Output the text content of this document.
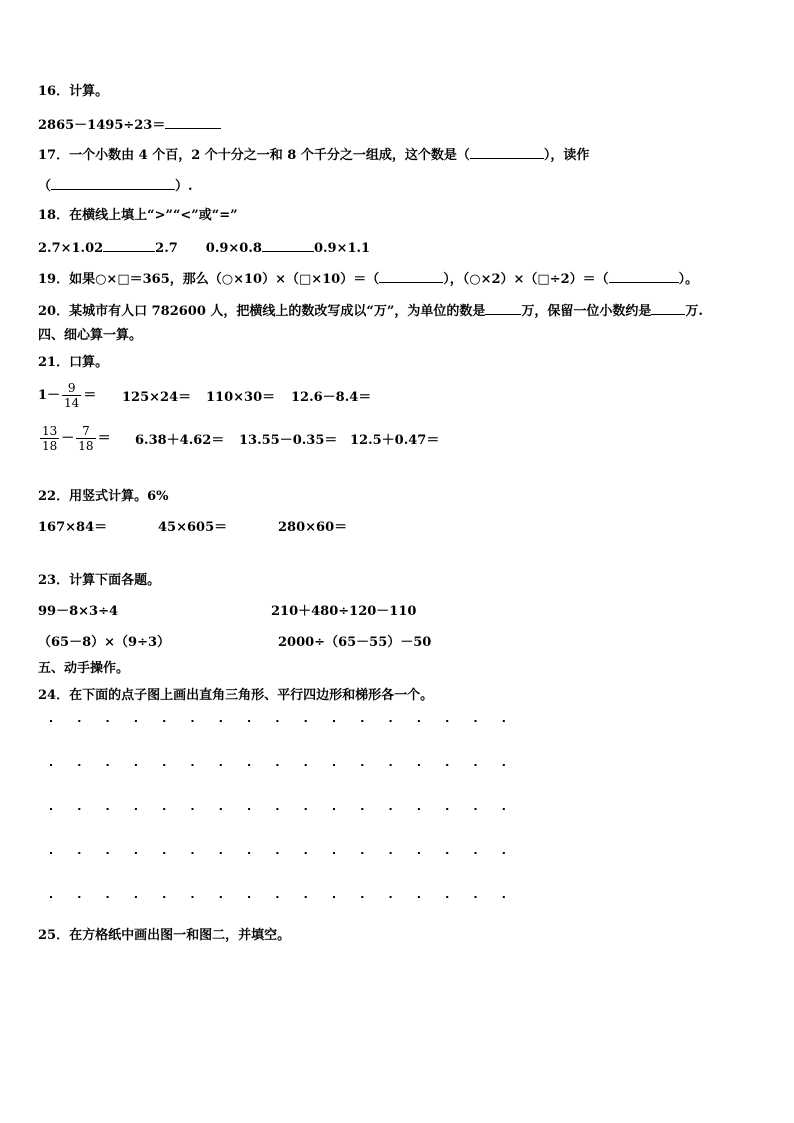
16．计算。
2865－1495÷23＝
17．一个小数由 4 个百，2 个十分之一和 8 个千分之一组成，这个数是（	），读作
（	）.
18．在横线上填上“>”“<”或“=”
2.7×1.02	2.7 0.9×0.8	0.9×1.1
19．如果○×□＝365，那么（○×10）×（□×10）＝（	），（○×2）×（□÷2）＝（	）。
20．某城市有人口 782600 人，把横线上的数改写成以“万”，为单位的数是	万，保留一位小数约是	万.
四、细心算一算。
21．口算。
$1- \frac{9}{14} = 125\times 24= 110\times 30= 12.6-8.4=$
$\frac{13}{18} - \frac{7}{18} = 6.38+4.62= 13.55-0.35= 12.5+0.47=$
22．用竖式计算。6%
167×84＝	45×605＝	280×60＝
23．计算下面各题。
99－8×3÷4	210＋480÷120－110
（65－8）×（9÷3）	2000÷（65－55）－50
五、动手操作。
24．在下面的点子图上画出直角三角形、平行四边形和梯形各一个。
25．在方格纸中画出图一和图二，并填空。
